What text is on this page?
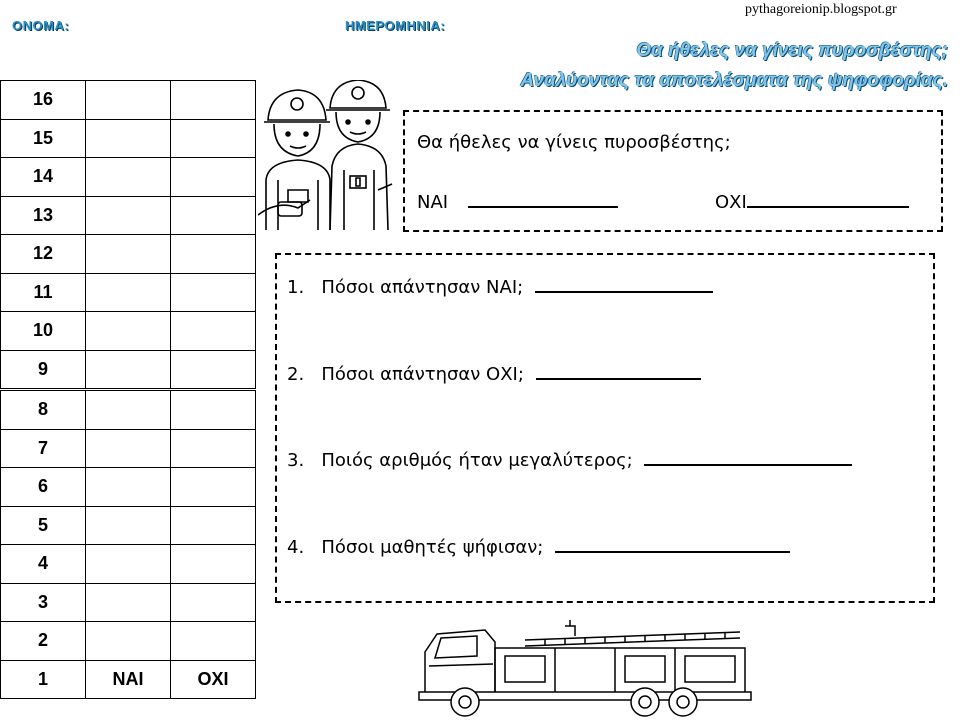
ΟΝΟΜΑ:	ΗΜΕΡΟΜΗΝΙΑ:
pythagoreionip.blogspot.gr
Θα ήθελες να γίνεις πυροσβέστης;
Αναλύοντας τα αποτελέσματα της ψηφοφορίας.
16		
15		
14		
13		
12		
11		
10		
9		
8		
7		
6		
5		
4		
3		
2		
1	ΝΑΙ	ΟΧΙ
Θα ήθελες να γίνεις πυροσβέστης;
ΝΑΙ	ΟΧΙ
1. Πόσοι απάντησαν ΝΑΙ;
2. Πόσοι απάντησαν ΟΧΙ;
3. Ποιός αριθμός ήταν μεγαλύτερος;
4. Πόσοι μαθητές ψήφισαν;
